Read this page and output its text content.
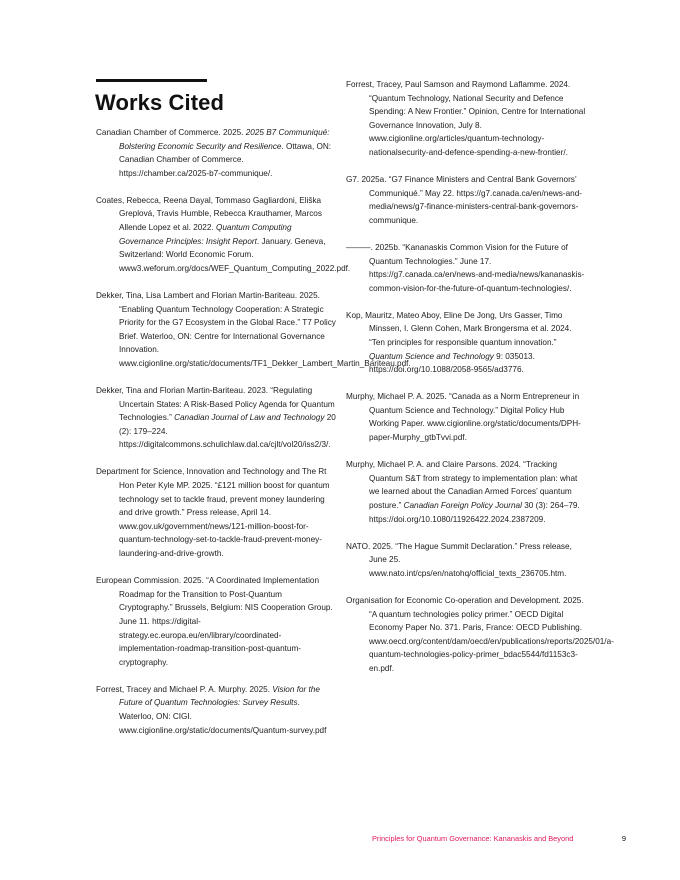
Works Cited

Canadian Chamber of Commerce. 2025. 2025 B7 Communiqué: Bolstering Economic Security and Resilience. Ottawa, ON: Canadian Chamber of Commerce. https://chamber.ca/2025-b7-communique/.

Coates, Rebecca, Reena Dayal, Tommaso Gagliardoni, Eliška Greplová, Travis Humble, Rebecca Krauthamer, Marcos Allende Lopez et al. 2022. Quantum Computing Governance Principles: Insight Report. January. Geneva, Switzerland: World Economic Forum. www3.weforum.org/docs/WEF_Quantum_Computing_2022.pdf.

Dekker, Tina, Lisa Lambert and Florian Martin-Bariteau. 2025. “Enabling Quantum Technology Cooperation: A Strategic Priority for the G7 Ecosystem in the Global Race.” T7 Policy Brief. Waterloo, ON: Centre for International Governance Innovation. www.cigionline.org/static/documents/TF1_Dekker_Lambert_Martin_Bariteau.pdf.

Dekker, Tina and Florian Martin-Bariteau. 2023. “Regulating Uncertain States: A Risk-Based Policy Agenda for Quantum Technologies.” Canadian Journal of Law and Technology 20 (2): 179–224. https://digitalcommons.schulichlaw.dal.ca/cjlt/vol20/iss2/3/.

Department for Science, Innovation and Technology and The Rt Hon Peter Kyle MP. 2025. “£121 million boost for quantum technology set to tackle fraud, prevent money laundering and drive growth.” Press release, April 14. www.gov.uk/government/news/121-million-boost-for-quantum-technology-set-to-tackle-fraud-prevent-money-laundering-and-drive-growth.

European Commission. 2025. “A Coordinated Implementation Roadmap for the Transition to Post-Quantum Cryptography.” Brussels, Belgium: NIS Cooperation Group. June 11. https://digital-strategy.ec.europa.eu/en/library/coordinated-implementation-roadmap-transition-post-quantum-cryptography.

Forrest, Tracey and Michael P. A. Murphy. 2025. Vision for the Future of Quantum Technologies: Survey Results. Waterloo, ON: CIGI. www.cigionline.org/static/documents/Quantum-survey.pdf

Forrest, Tracey, Paul Samson and Raymond Laflamme. 2024. “Quantum Technology, National Security and Defence Spending: A New Frontier.” Opinion, Centre for International Governance Innovation, July 8. www.cigionline.org/articles/quantum-technology-nationalsecurity-and-defence-spending-a-new-frontier/.

G7. 2025a. “G7 Finance Ministers and Central Bank Governors’ Communiqué.” May 22. https://g7.canada.ca/en/news-and-media/news/g7-finance-ministers-central-bank-governors-communique.

———. 2025b. “Kananaskis Common Vision for the Future of Quantum Technologies.” June 17. https://g7.canada.ca/en/news-and-media/news/kananaskis-common-vision-for-the-future-of-quantum-technologies/.

Kop, Mauritz, Mateo Aboy, Eline De Jong, Urs Gasser, Timo Minssen, I. Glenn Cohen, Mark Brongersma et al. 2024. “Ten principles for responsible quantum innovation.” Quantum Science and Technology 9: 035013. https://doi.org/10.1088/2058-9565/ad3776.

Murphy, Michael P. A. 2025. “Canada as a Norm Entrepreneur in Quantum Science and Technology.” Digital Policy Hub Working Paper. www.cigionline.org/static/documents/DPH-paper-Murphy_gtbTvvi.pdf.

Murphy, Michael P. A. and Claire Parsons. 2024. “Tracking Quantum S&T from strategy to implementation plan: what we learned about the Canadian Armed Forces’ quantum posture.” Canadian Foreign Policy Journal 30 (3): 264–79. https://doi.org/10.1080/11926422.2024.2387209.

NATO. 2025. “The Hague Summit Declaration.” Press release, June 25. www.nato.int/cps/en/natohq/official_texts_236705.htm.

Organisation for Economic Co-operation and Development. 2025. “A quantum technologies policy primer.” OECD Digital Economy Paper No. 371. Paris, France: OECD Publishing. www.oecd.org/content/dam/oecd/en/publications/reports/2025/01/a-quantum-technologies-policy-primer_bdac5544/fd1153c3-en.pdf.

Principles for Quantum Governance: Kananaskis and Beyond	9
